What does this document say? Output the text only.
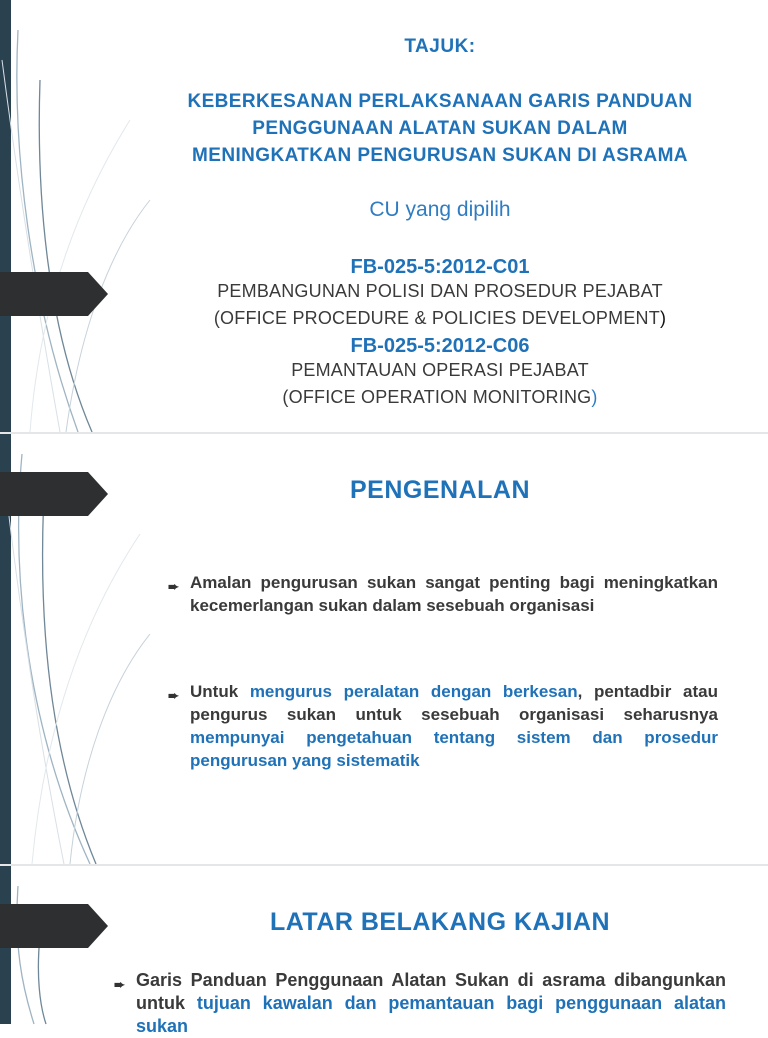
TAJUK:
KEBERKESANAN PERLAKSANAAN GARIS PANDUAN
PENGGUNAAN ALATAN SUKAN DALAM
MENINGKATKAN PENGURUSAN SUKAN DI ASRAMA
CU yang dipilih
FB-025-5:2012-C01
PEMBANGUNAN POLISI DAN PROSEDUR PEJABAT
(OFFICE PROCEDURE & POLICIES DEVELOPMENT)
FB-025-5:2012-C06
PEMANTAUAN OPERASI PEJABAT
(OFFICE OPERATION MONITORING)
PENGENALAN
➨ Amalan pengurusan sukan sangat penting bagi meningkatkan kecemerlangan sukan dalam sesebuah organisasi
➨ Untuk mengurus peralatan dengan berkesan, pentadbir atau pengurus sukan untuk sesebuah organisasi seharusnya mempunyai pengetahuan tentang sistem dan prosedur pengurusan yang sistematik
LATAR BELAKANG KAJIAN
➨ Garis Panduan Penggunaan Alatan Sukan di asrama dibangunkan untuk tujuan kawalan dan pemantauan bagi penggunaan alatan sukan
